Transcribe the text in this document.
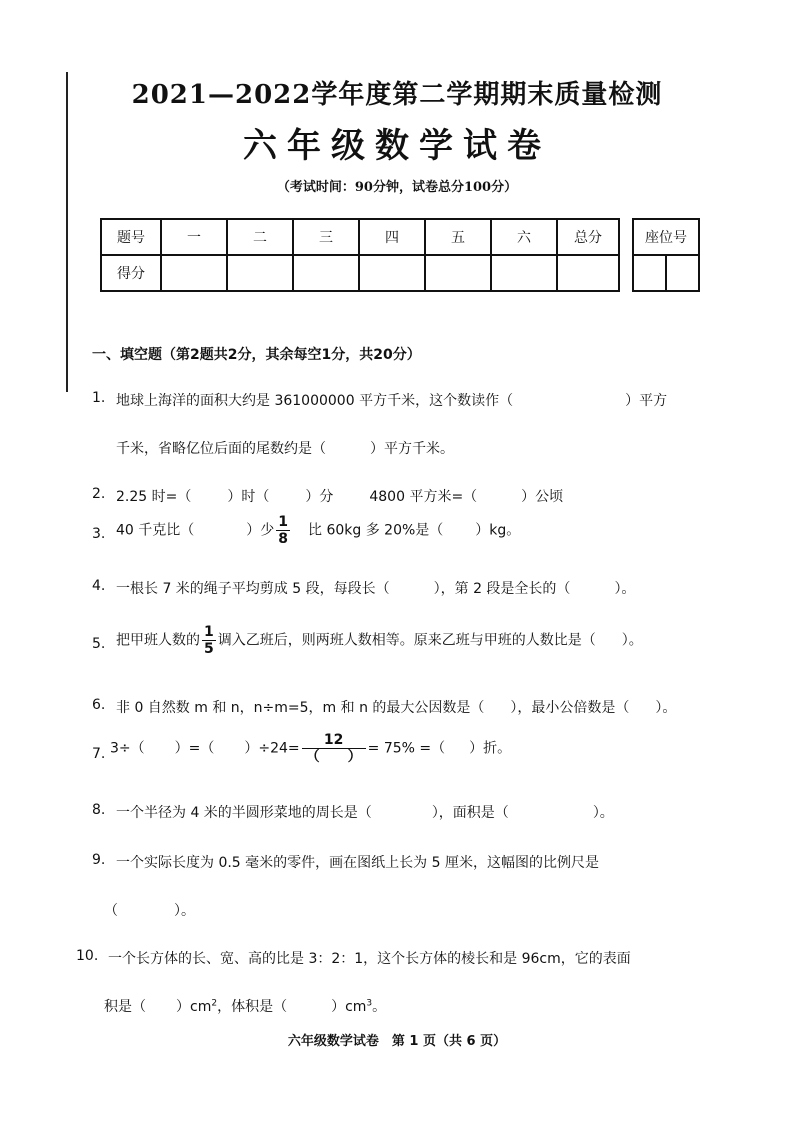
2021—2022学年度第二学期期末质量检测
六年级数学试卷
（考试时间：90分钟，试卷总分100分）
题号	一	二	三	四	五	六	总分
得分							
座位号

一、填空题（第2题共2分，其余每空1分，共20分）
1. 地球上海洋的面积大约是 361000000 平方千米，这个数读作（	）平方
千米，省略亿位后面的尾数约是（	）平方千米。
2. 2.25 时=（	）时（	）分	4800 平方米=（	）公顷
3. 40 千克比（	）少 $\frac{1}{8}$ 比 60kg 多 20%是（ ）kg。
4. 一根长 7 米的绳子平均剪成 5 段，每段长（	），第 2 段是全长的（	）。
5. 把甲班人数的 $\frac{1}{5}$ 调入乙班后，则两班人数相等。原来乙班与甲班的人数比是（ ）。
6. 非 0 自然数 m 和 n，n÷m=5，m 和 n 的最大公因数是（ ），最小公倍数是（ ）。
7. 3÷（ ）=（ ）$\div 24= \frac{12}{( )} = 75\%$ =（ ）折。
8. 一个半径为 4 米的半圆形菜地的周长是（	），面积是（	）。
9. 一个实际长度为 0.5 毫米的零件，画在图纸上长为 5 厘米，这幅图的比例尺是
（	）。
10. 一个长方体的长、宽、高的比是 3：2：1，这个长方体的棱长和是 96cm，它的表面
积是（ ）$cm^2$，体积是（	）$cm^3$。
六年级数学试卷　第 1 页（共 6 页）
